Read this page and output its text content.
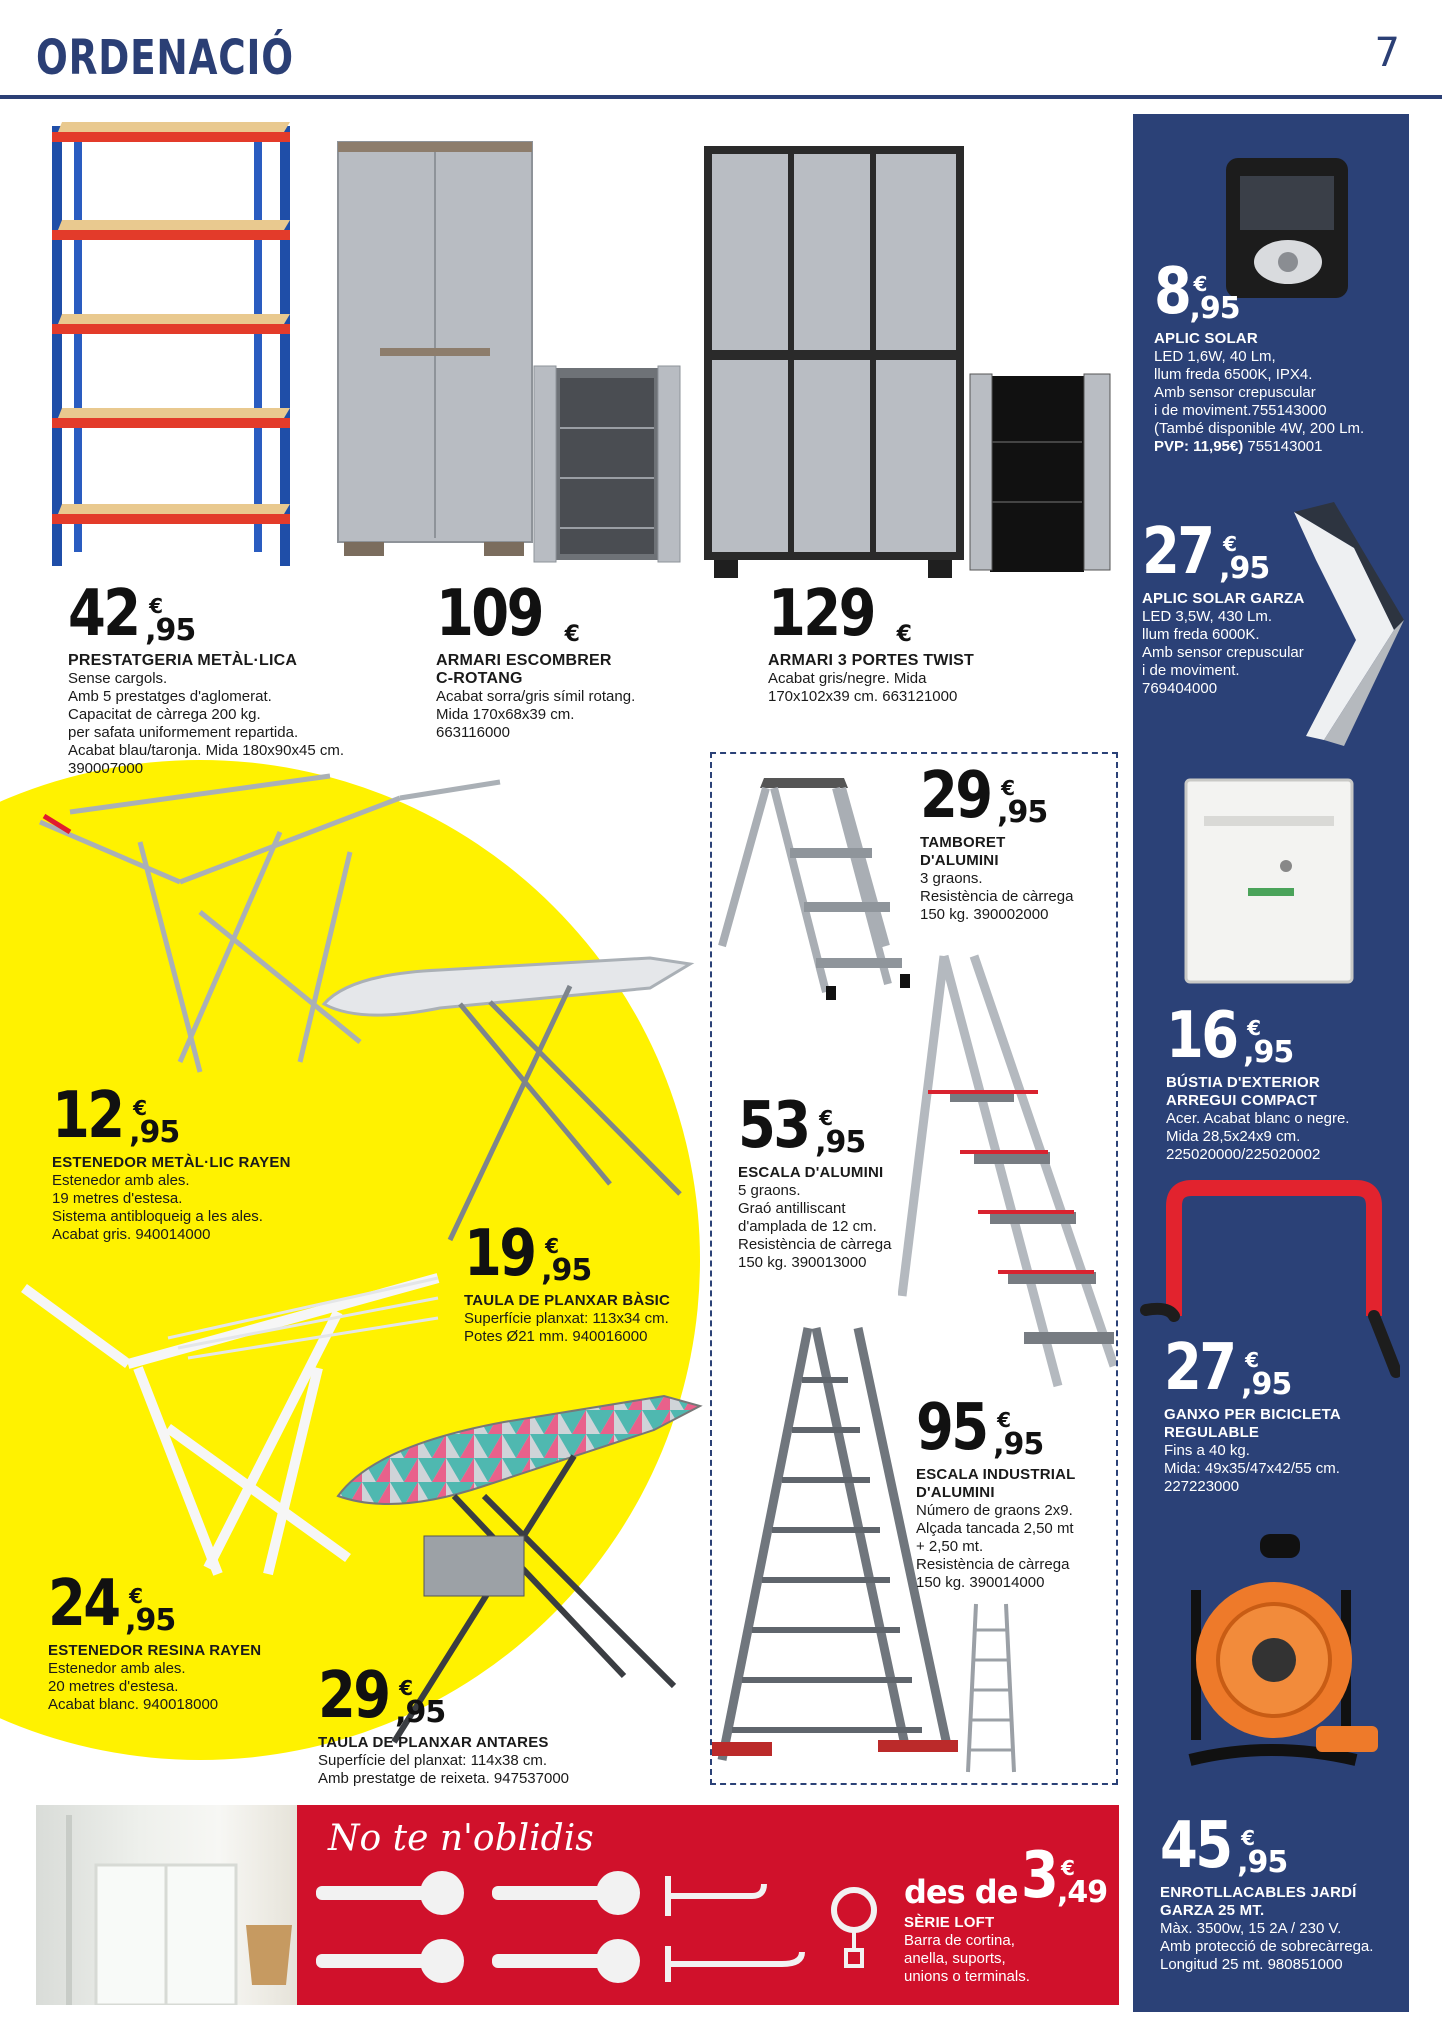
ORDENACIÓ	7
No te n'oblidis
42 €
,95
PRESTATGERIA METÀL·LICA
Sense cargols.
Amb 5 prestatges d'aglomerat.
Capacitat de càrrega 200 kg.
per safata uniformement repartida.
Acabat blau/taronja. Mida 180x90x45 cm.
390007000
109 €
ARMARI ESCOMBRER
C-ROTANG
Acabat sorra/gris símil rotang.
Mida 170x68x39 cm.
663116000
129 €
ARMARI 3 PORTES TWIST
Acabat gris/negre. Mida
170x102x39 cm. 663121000
8 €
,95
APLIC SOLAR
LED 1,6W, 40 Lm,
llum freda 6500K, IPX4.
Amb sensor crepuscular
i de moviment.755143000
(També disponible 4W, 200 Lm.
PVP: 11,95€) 755143001
27 €
,95
APLIC SOLAR GARZA
LED 3,5W, 430 Lm.
llum freda 6000K.
Amb sensor crepuscular
i de moviment.
769404000
16 €
,95
BÚSTIA D'EXTERIOR
ARREGUI COMPACT
Acer. Acabat blanc o negre.
Mida 28,5x24x9 cm.
225020000/225020002
27 €
,95
GANXO PER BICICLETA
REGULABLE
Fins a 40 kg.
Mida: 49x35/47x42/55 cm.
227223000
45 €
,95
ENROTLLACABLES JARDÍ
GARZA 25 MT.
Màx. 3500w, 15 2A / 230 V.
Amb protecció de sobrecàrrega.
Longitud 25 mt. 980851000
29 €
,95
TAMBORET
D'ALUMINI
3 graons.
Resistència de càrrega
150 kg. 390002000
53 €
,95
ESCALA D'ALUMINI
5 graons.
Graó antilliscant
d'amplada de 12 cm.
Resistència de càrrega
150 kg. 390013000
95 €
,95
ESCALA INDUSTRIAL
D'ALUMINI
Número de graons 2x9.
Alçada tancada 2,50 mt
+ 2,50 mt.
Resistència de càrrega
150 kg. 390014000
12 €
,95
ESTENEDOR METÀL·LIC RAYEN
Estenedor amb ales.
19 metres d'estesa.
Sistema antibloqueig a les ales.
Acabat gris. 940014000	19 €
,95
TAULA DE PLANXAR BÀSIC
Superfície planxat: 113x34 cm.
Potes Ø21 mm. 940016000
24 €
,95
ESTENEDOR RESINA RAYEN
Estenedor amb ales.
20 metres d'estesa.
Acabat blanc. 940018000	29 €
,95
TAULA DE PLANXAR ANTARES
Superfície del planxat: 114x38 cm.
Amb prestatge de reixeta. 947537000
des de3 €
,49
SÈRIE LOFT
Barra de cortina,
anella, suports,
unions o terminals.
